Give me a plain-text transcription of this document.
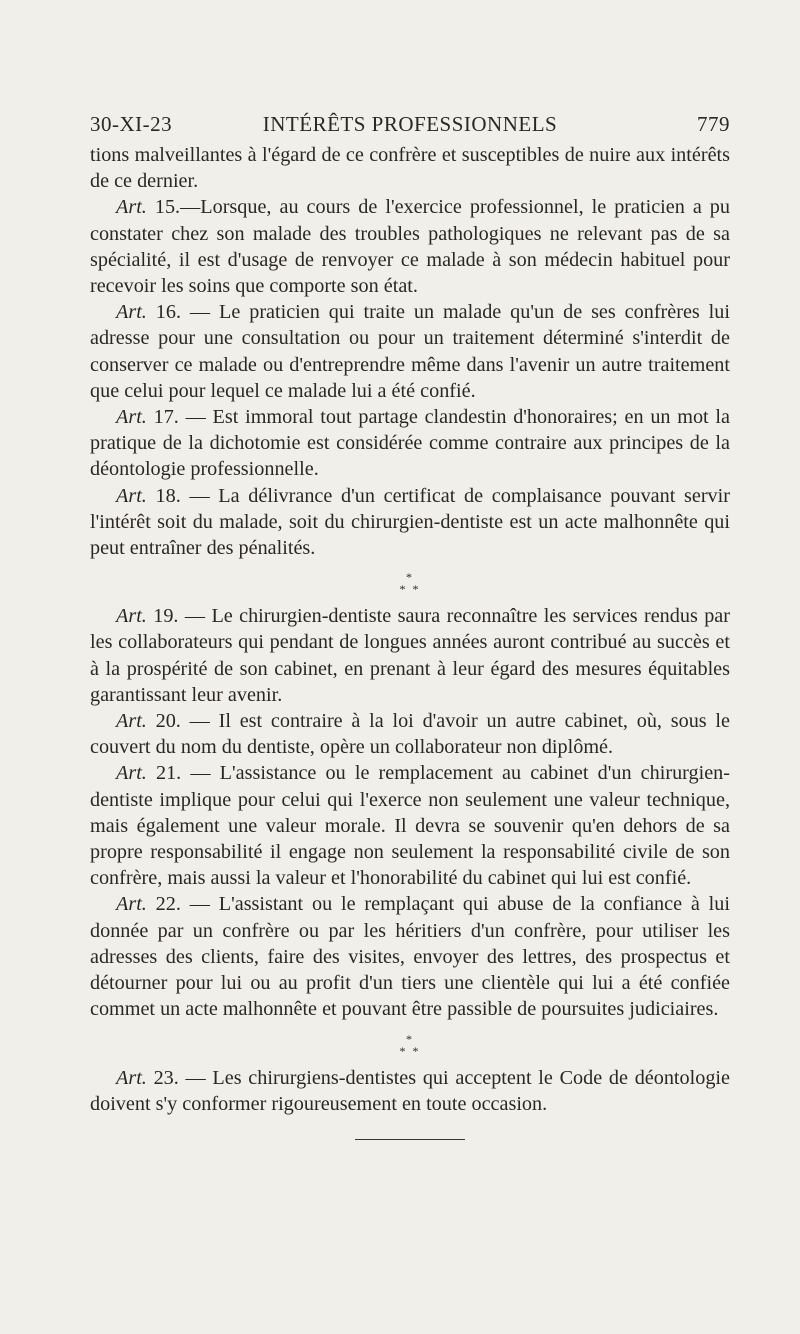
30-XI-23	INTÉRÊTS PROFESSIONNELS	779

tions malveillantes à l'égard de ce confrère et susceptibles de nuire aux intérêts de ce dernier.

Art. 15.—Lorsque, au cours de l'exercice professionnel, le praticien a pu constater chez son malade des troubles pathologiques ne relevant pas de sa spécialité, il est d'usage de renvoyer ce malade à son médecin habituel pour recevoir les soins que comporte son état.

Art. 16. — Le praticien qui traite un malade qu'un de ses confrères lui adresse pour une consultation ou pour un traitement déterminé s'interdit de conserver ce malade ou d'entreprendre même dans l'avenir un autre traitement que celui pour lequel ce malade lui a été confié.

Art. 17. — Est immoral tout partage clandestin d'honoraires; en un mot la pratique de la dichotomie est considérée comme contraire aux principes de la déontologie professionnelle.

Art. 18. — La délivrance d'un certificat de complaisance pouvant servir l'intérêt soit du malade, soit du chirurgien-dentiste est un acte malhonnête qui peut entraîner des pénalités.

*
* *

Art. 19. — Le chirurgien-dentiste saura reconnaître les services rendus par les collaborateurs qui pendant de longues années auront contribué au succès et à la prospérité de son cabinet, en prenant à leur égard des mesures équitables garantissant leur avenir.

Art. 20. — Il est contraire à la loi d'avoir un autre cabinet, où, sous le couvert du nom du dentiste, opère un collaborateur non diplômé.

Art. 21. — L'assistance ou le remplacement au cabinet d'un chirurgien-dentiste implique pour celui qui l'exerce non seulement une valeur technique, mais également une valeur morale. Il devra se souvenir qu'en dehors de sa propre responsabilité il engage non seulement la responsabilité civile de son confrère, mais aussi la valeur et l'honorabilité du cabinet qui lui est confié.

Art. 22. — L'assistant ou le remplaçant qui abuse de la confiance à lui donnée par un confrère ou par les héritiers d'un confrère, pour utiliser les adresses des clients, faire des visites, envoyer des lettres, des prospectus et détourner pour lui ou au profit d'un tiers une clientèle qui lui a été confiée commet un acte malhonnête et pouvant être passible de poursuites judiciaires.

*
* *

Art. 23. — Les chirurgiens-dentistes qui acceptent le Code de déontologie doivent s'y conformer rigoureusement en toute occasion.
